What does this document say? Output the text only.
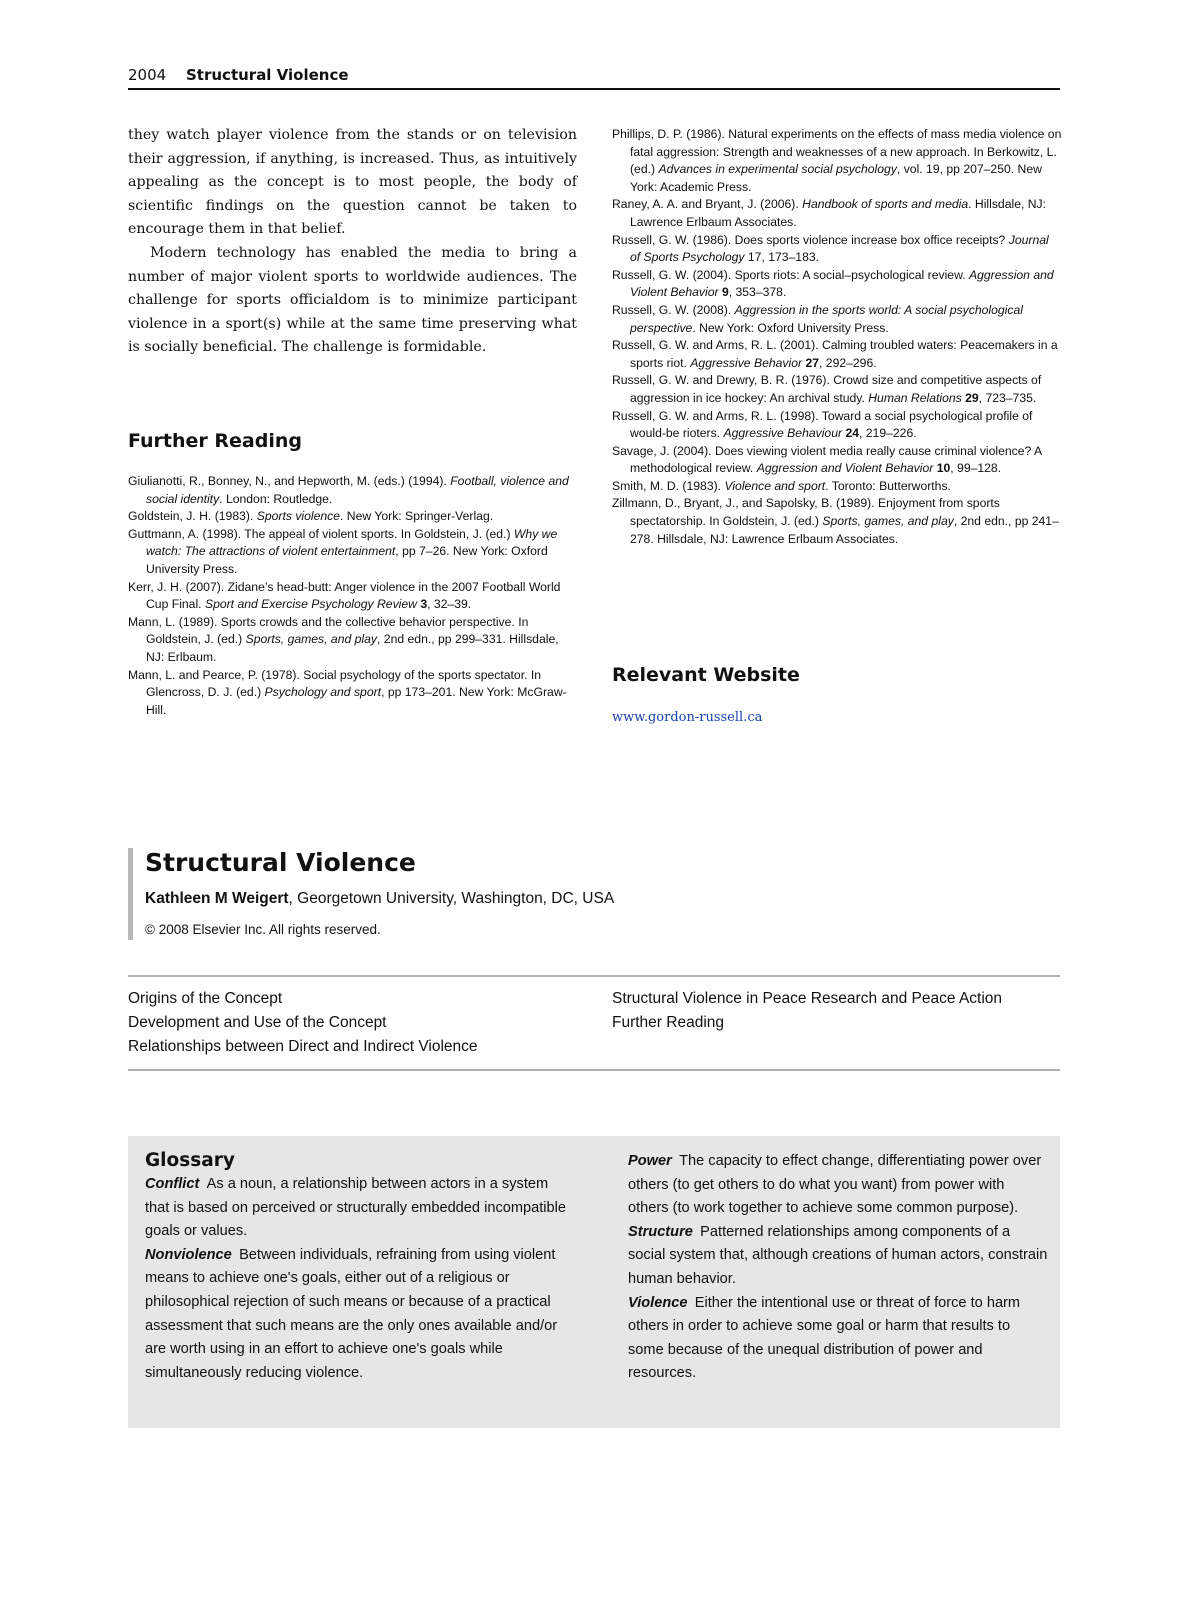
2004 Structural Violence

they watch player violence from the stands or on television their aggression, if anything, is increased. Thus, as intuitively appealing as the concept is to most people, the body of scientific findings on the question cannot be taken to encourage them in that belief.

Modern technology has enabled the media to bring a number of major violent sports to worldwide audiences. The challenge for sports officialdom is to minimize participant violence in a sport(s) while at the same time preserving what is socially beneficial. The challenge is formidable.

Further Reading
Giulianotti, R., Bonney, N., and Hepworth, M. (eds.) (1994). Football, violence and social identity. London: Routledge.
Goldstein, J. H. (1983). Sports violence. New York: Springer-Verlag.
Guttmann, A. (1998). The appeal of violent sports. In Goldstein, J. (ed.) Why we watch: The attractions of violent entertainment, pp 7–26. New York: Oxford University Press.
Kerr, J. H. (2007). Zidane’s head-butt: Anger violence in the 2007 Football World Cup Final. Sport and Exercise Psychology Review 3, 32–39.
Mann, L. (1989). Sports crowds and the collective behavior perspective. In Goldstein, J. (ed.) Sports, games, and play, 2nd edn., pp 299–331. Hillsdale, NJ: Erlbaum.
Mann, L. and Pearce, P. (1978). Social psychology of the sports spectator. In Glencross, D. J. (ed.) Psychology and sport, pp 173–201. New York: McGraw-Hill.
Phillips, D. P. (1986). Natural experiments on the effects of mass media violence on fatal aggression: Strength and weaknesses of a new approach. In Berkowitz, L. (ed.) Advances in experimental social psychology, vol. 19, pp 207–250. New York: Academic Press.
Raney, A. A. and Bryant, J. (2006). Handbook of sports and media. Hillsdale, NJ: Lawrence Erlbaum Associates.
Russell, G. W. (1986). Does sports violence increase box office receipts? Journal of Sports Psychology 17, 173–183.
Russell, G. W. (2004). Sports riots: A social–psychological review. Aggression and Violent Behavior 9, 353–378.
Russell, G. W. (2008). Aggression in the sports world: A social psychological perspective. New York: Oxford University Press.
Russell, G. W. and Arms, R. L. (2001). Calming troubled waters: Peacemakers in a sports riot. Aggressive Behavior 27, 292–296.
Russell, G. W. and Drewry, B. R. (1976). Crowd size and competitive aspects of aggression in ice hockey: An archival study. Human Relations 29, 723–735.
Russell, G. W. and Arms, R. L. (1998). Toward a social psychological profile of would-be rioters. Aggressive Behaviour 24, 219–226.
Savage, J. (2004). Does viewing violent media really cause criminal violence? A methodological review. Aggression and Violent Behavior 10, 99–128.
Smith, M. D. (1983). Violence and sport. Toronto: Butterworths.
Zillmann, D., Bryant, J., and Sapolsky, B. (1989). Enjoyment from sports spectatorship. In Goldstein, J. (ed.) Sports, games, and play, 2nd edn., pp 241–278. Hillsdale, NJ: Lawrence Erlbaum Associates.
Relevant Website
www.gordon-russell.ca
Structural Violence
Kathleen M Weigert, Georgetown University, Washington, DC, USA
© 2008 Elsevier Inc. All rights reserved.
Origins of the Concept
Development and Use of the Concept
Relationships between Direct and Indirect Violence
Structural Violence in Peace Research and Peace Action
Further Reading
Glossary
Conflict As a noun, a relationship between actors in a system that is based on perceived or structurally embedded incompatible goals or values.
Nonviolence Between individuals, refraining from using violent means to achieve one's goals, either out of a religious or philosophical rejection of such means or because of a practical assessment that such means are the only ones available and/or are worth using in an effort to achieve one's goals while simultaneously reducing violence.
Power The capacity to effect change, differentiating power over others (to get others to do what you want) from power with others (to work together to achieve some common purpose).
Structure Patterned relationships among components of a social system that, although creations of human actors, constrain human behavior.
Violence Either the intentional use or threat of force to harm others in order to achieve some goal or harm that results to some because of the unequal distribution of power and resources.
